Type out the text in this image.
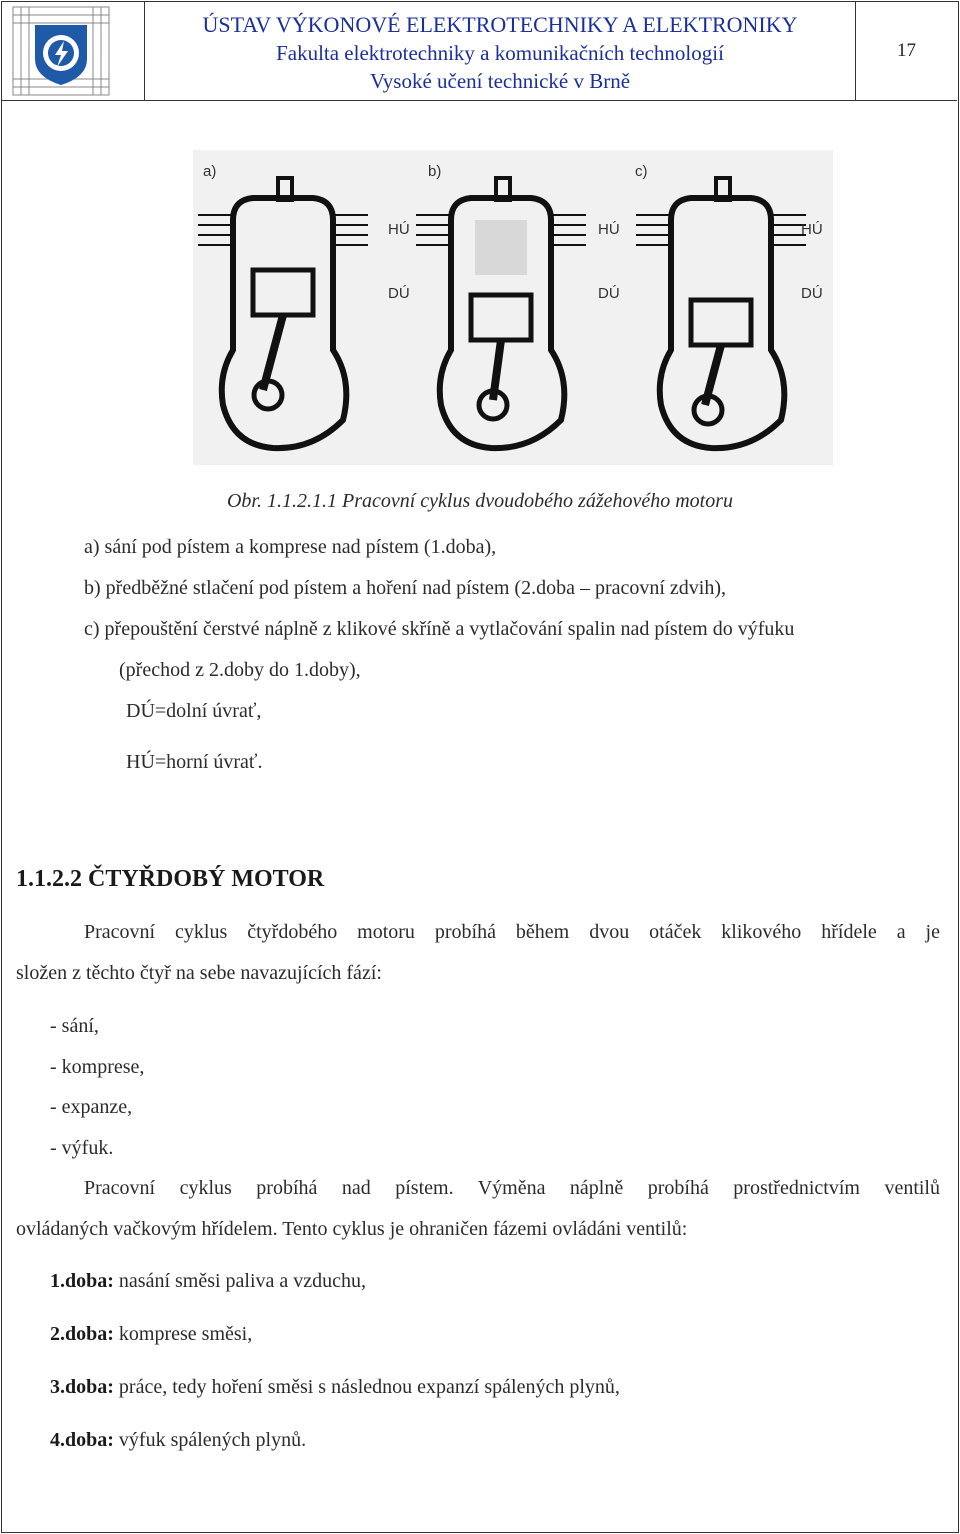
ÚSTAV VÝKONOVÉ ELEKTROTECHNIKY A ELEKTRONIKY
Fakulta elektrotechniky a komunikačních technologií
Vysoké učení technické v Brně
17
a)	b)	c)
HÚ
DÚ
HÚ
DÚ
HÚ
DÚ
Obr. 1.1.2.1.1 Pracovní cyklus dvoudobého zážehového motoru
a) sání pod pístem a komprese nad pístem (1.doba),
b) předběžné stlačení pod pístem a hoření nad pístem (2.doba – pracovní zdvih),
c) přepouštění čerstvé náplně z klikové skříně a vytlačování spalin nad pístem do výfuku
(přechod z 2.doby do 1.doby),
DÚ=dolní úvrať,
HÚ=horní úvrať.
1.1.2.2 ČTYŘDOBÝ MOTOR
Pracovní cyklus čtyřdobého motoru probíhá během dvou otáček klikového hřídele a je
složen z těchto čtyř na sebe navazujících fází:
- sání,
- komprese,
- expanze,
- výfuk.
Pracovní cyklus probíhá nad pístem. Výměna náplně probíhá prostřednictvím ventilů
ovládaných vačkovým hřídelem. Tento cyklus je ohraničen fázemi ovládáni ventilů:
1.doba: nasání směsi paliva a vzduchu,
2.doba: komprese směsi,
3.doba: práce, tedy hoření směsi s následnou expanzí spálených plynů,
4.doba: výfuk spálených plynů.
